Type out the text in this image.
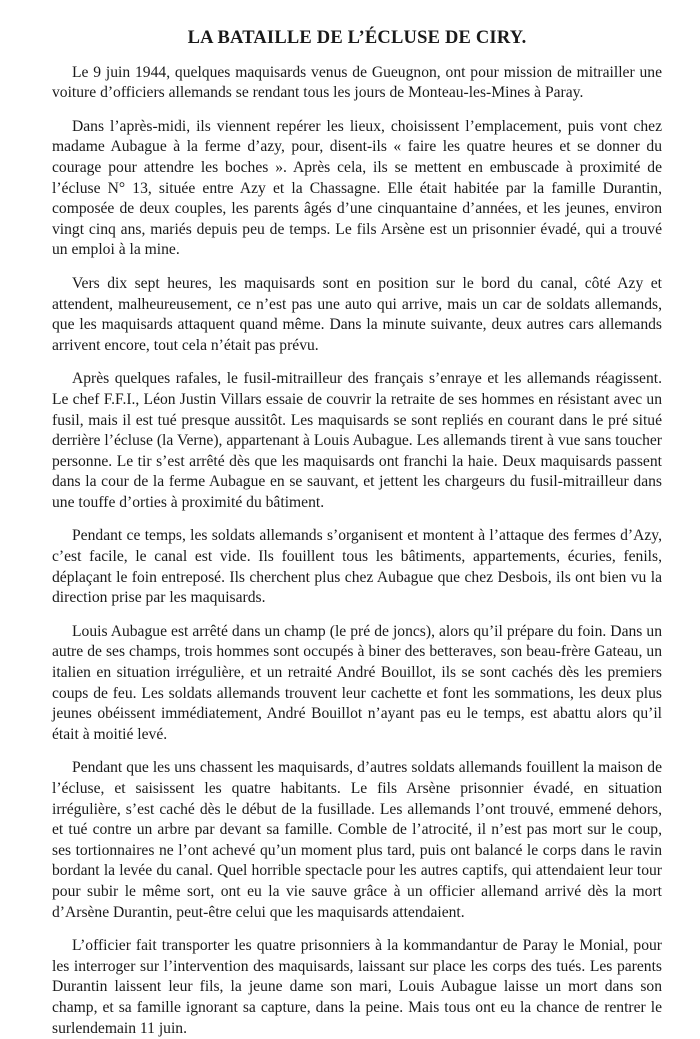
LA BATAILLE DE L’ÉCLUSE DE CIRY.

Le 9 juin 1944, quelques maquisards venus de Gueugnon, ont pour mission de mitrailler une voiture d’officiers allemands se rendant tous les jours de Monteau-les-Mines à Paray.

Dans l’après-midi, ils viennent repérer les lieux, choisissent l’emplacement, puis vont chez madame Aubague à la ferme d’azy, pour, disent-ils « faire les quatre heures et se donner du courage pour attendre les boches ». Après cela, ils se mettent en embuscade à proximité de l’écluse N° 13, située entre Azy et la Chassagne. Elle était habitée par la famille Durantin, composée de deux couples, les parents âgés d’une cinquantaine d’années, et les jeunes, environ vingt cinq ans, mariés depuis peu de temps. Le fils Arsène est un prisonnier évadé, qui a trouvé un emploi à la mine.

Vers dix sept heures, les maquisards sont en position sur le bord du canal, côté Azy et attendent, malheureusement, ce n’est pas une auto qui arrive, mais un car de soldats allemands, que les maquisards attaquent quand même. Dans la minute suivante, deux autres cars allemands arrivent encore, tout cela n’était pas prévu.

Après quelques rafales, le fusil-mitrailleur des français s’enraye et les allemands réagissent. Le chef F.F.I., Léon Justin Villars essaie de couvrir la retraite de ses hommes en résistant avec un fusil, mais il est tué presque aussitôt. Les maquisards se sont repliés en courant dans le pré situé derrière l’écluse (la Verne), appartenant à Louis Aubague. Les allemands tirent à vue sans toucher personne. Le tir s’est arrêté dès que les maquisards ont franchi la haie. Deux maquisards passent dans la cour de la ferme Aubague en se sauvant, et jettent les chargeurs du fusil-mitrailleur dans une touffe d’orties à proximité du bâtiment.

Pendant ce temps, les soldats allemands s’organisent et montent à l’attaque des fermes d’Azy, c’est facile, le canal est vide. Ils fouillent tous les bâtiments, appartements, écuries, fenils, déplaçant le foin entreposé. Ils cherchent plus chez Aubague que chez Desbois, ils ont bien vu la direction prise par les maquisards.

Louis Aubague est arrêté dans un champ (le pré de joncs), alors qu’il prépare du foin. Dans un autre de ses champs, trois hommes sont occupés à biner des betteraves, son beau-frère Gateau, un italien en situation irrégulière, et un retraité André Bouillot, ils se sont cachés dès les premiers coups de feu. Les soldats allemands trouvent leur cachette et font les sommations, les deux plus jeunes obéissent immédiatement, André Bouillot n’ayant pas eu le temps, est abattu alors qu’il était à moitié levé.

Pendant que les uns chassent les maquisards, d’autres soldats allemands fouillent la maison de l’écluse, et saisissent les quatre habitants. Le fils Arsène prisonnier évadé, en situation irrégulière, s’est caché dès le début de la fusillade. Les allemands l’ont trouvé, emmené dehors, et tué contre un arbre par devant sa famille. Comble de l’atrocité, il n’est pas mort sur le coup, ses tortionnaires ne l’ont achevé qu’un moment plus tard, puis ont balancé le corps dans le ravin bordant la levée du canal. Quel horrible spectacle pour les autres captifs, qui attendaient leur tour pour subir le même sort, ont eu la vie sauve grâce à un officier allemand arrivé dès la mort d’Arsène Durantin, peut-être celui que les maquisards attendaient.

L’officier fait transporter les quatre prisonniers à la kommandantur de Paray le Monial, pour les interroger sur l’intervention des maquisards, laissant sur place les corps des tués. Les parents Durantin laissent leur fils, la jeune dame son mari, Louis Aubague laisse un mort dans son champ, et sa famille ignorant sa capture, dans la peine. Mais tous ont eu la chance de rentrer le surlendemain 11 juin.
